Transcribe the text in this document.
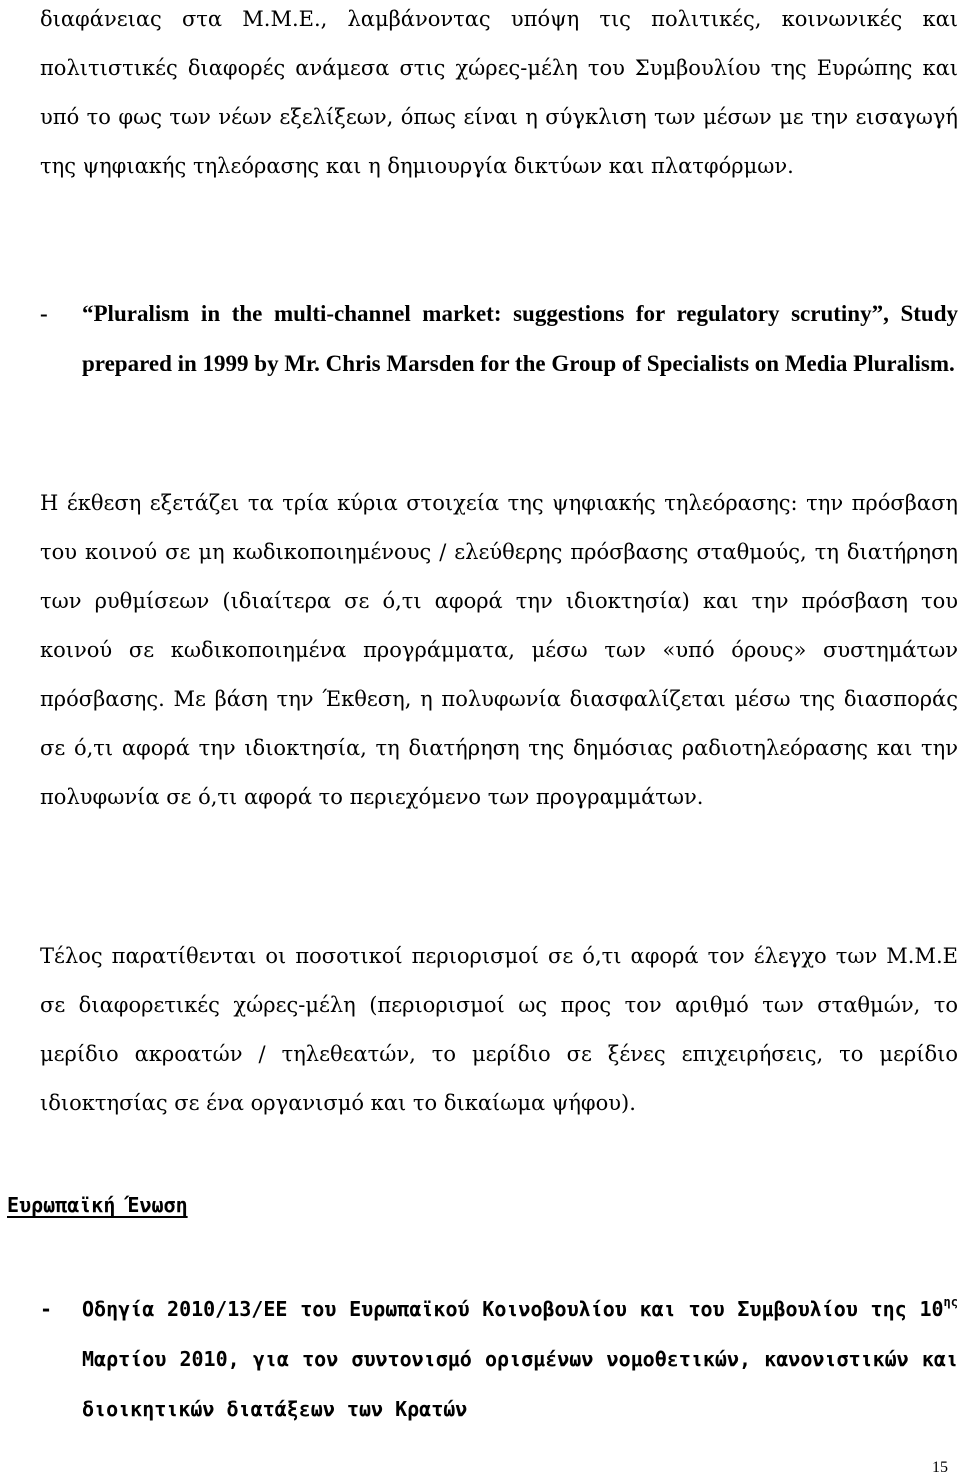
διαφάνειας στα Μ.Μ.Ε., λαμβάνοντας υπόψη τις πολιτικές, κοινωνικές και πολιτιστικές διαφορές ανάμεσα στις χώρες-μέλη του Συμβουλίου της Ευρώπης και υπό το φως των νέων εξελίξεων, όπως είναι η σύγκλιση των μέσων με την εισαγωγή της ψηφιακής τηλεόρασης και η δημιουργία δικτύων και πλατφόρμων.

-	“Pluralism in the multi-channel market: suggestions for regulatory scrutiny”, Study prepared in 1999 by Mr. Chris Marsden for the Group of Specialists on Media Pluralism.

Η έκθεση εξετάζει τα τρία κύρια στοιχεία της ψηφιακής τηλεόρασης: την πρόσβαση του κοινού σε μη κωδικοποιημένους / ελεύθερης πρόσβασης σταθμούς, τη διατήρηση των ρυθμίσεων (ιδιαίτερα σε ό,τι αφορά την ιδιοκτησία) και την πρόσβαση του κοινού σε κωδικοποιημένα προγράμματα, μέσω των «υπό όρους» συστημάτων πρόσβασης. Με βάση την Έκθεση, η πολυφωνία διασφαλίζεται μέσω της διασποράς σε ό,τι αφορά την ιδιοκτησία, τη διατήρηση της δημόσιας ραδιοτηλεόρασης και την πολυφωνία σε ό,τι αφορά το περιεχόμενο των προγραμμάτων.

Τέλος παρατίθενται οι ποσοτικοί περιορισμοί σε ό,τι αφορά τον έλεγχο των Μ.Μ.Ε σε διαφορετικές χώρες-μέλη (περιορισμοί ως προς τον αριθμό των σταθμών, το μερίδιο ακροατών / τηλεθεατών, το μερίδιο σε ξένες επιχειρήσεις, το μερίδιο ιδιοκτησίας σε ένα οργανισμό και το δικαίωμα ψήφου).

Ευρωπαϊκή Ένωση
-	Οδηγία 2010/13/ΕΕ του Ευρωπαϊκού Κοινοβουλίου και του Συμβουλίου της $10^{\eta\varsigma}$ Μαρτίου 2010, για τον συντονισμό ορισμένων νομοθετικών, κανονιστικών και διοικητικών διατάξεων των Κρατών
15
